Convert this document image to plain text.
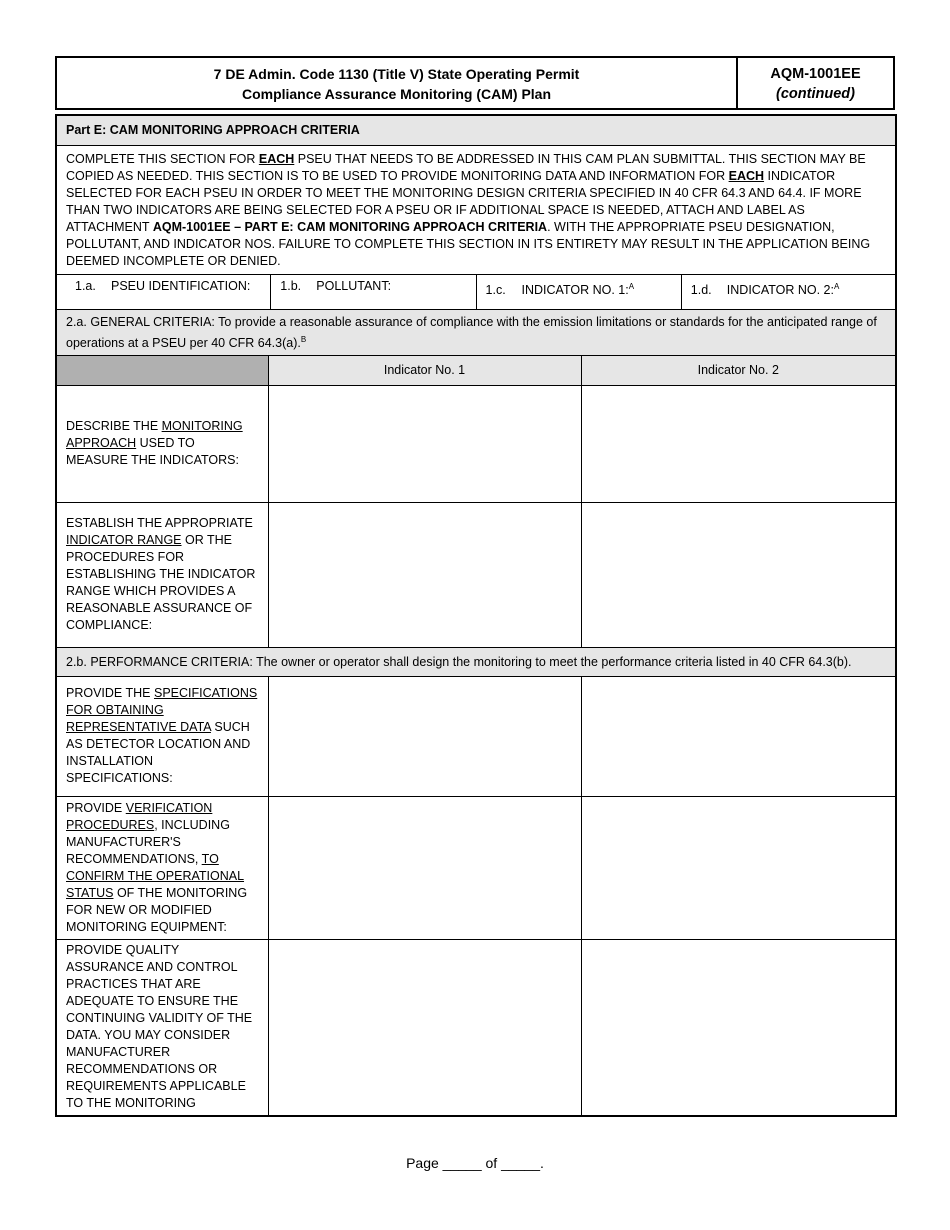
7 DE Admin. Code 1130 (Title V) State Operating Permit
Compliance Assurance Monitoring (CAM) Plan
AQM-1001EE
(continued)
Part E: CAM MONITORING APPROACH CRITERIA		
COMPLETE THIS SECTION FOR EACH PSEU THAT NEEDS TO BE ADDRESSED IN THIS CAM PLAN SUBMITTAL. THIS SECTION MAY BE COPIED AS NEEDED. THIS SECTION IS TO BE USED TO PROVIDE MONITORING DATA AND INFORMATION FOR EACH INDICATOR SELECTED FOR EACH PSEU IN ORDER TO MEET THE MONITORING DESIGN CRITERIA SPECIFIED IN 40 CFR 64.3 AND 64.4. IF MORE THAN TWO INDICATORS ARE BEING SELECTED FOR A PSEU OR IF ADDITIONAL SPACE IS NEEDED, ATTACH AND LABEL AS ATTACHMENT AQM-1001EE – PART E: CAM MONITORING APPROACH CRITERIA. WITH THE APPROPRIATE PSEU DESIGNATION, POLLUTANT, AND INDICATOR NOS. FAILURE TO COMPLETE THIS SECTION IN ITS ENTIRETY MAY RESULT IN THE APPLICATION BEING DEEMED INCOMPLETE OR DENIED.		

1.a. PSEU IDENTIFICATION: 1.b. POLLUTANT: 1.c. INDICATOR NO. 1:$^A$ 1.d. INDICATOR NO. 2:$^A$

2.a. GENERAL CRITERIA: To provide a reasonable assurance of compliance with the emission limitations or standards for the anticipated range of operations at a PSEU per 40 CFR 64.3(a).$^B$
	Indicator No. 1	Indicator No. 2
DESCRIBE THE MONITORING APPROACH USED TO MEASURE THE INDICATORS:		
ESTABLISH THE APPROPRIATE INDICATOR RANGE OR THE PROCEDURES FOR ESTABLISHING THE INDICATOR RANGE WHICH PROVIDES A REASONABLE ASSURANCE OF COMPLIANCE:		
2.b. PERFORMANCE CRITERIA: The owner or operator shall design the monitoring to meet the performance criteria listed in 40 CFR 64.3(b).		
PROVIDE THE SPECIFICATIONS FOR OBTAINING REPRESENTATIVE DATA SUCH AS DETECTOR LOCATION AND INSTALLATION SPECIFICATIONS:		
PROVIDE VERIFICATION PROCEDURES, INCLUDING MANUFACTURER'S RECOMMENDATIONS, TO CONFIRM THE OPERATIONAL STATUS OF THE MONITORING FOR NEW OR MODIFIED MONITORING EQUIPMENT:		
PROVIDE QUALITY ASSURANCE AND CONTROL PRACTICES THAT ARE ADEQUATE TO ENSURE THE CONTINUING VALIDITY OF THE DATA. YOU MAY CONSIDER MANUFACTURER RECOMMENDATIONS OR REQUIREMENTS APPLICABLE TO THE MONITORING		
Page _____ of _____.
